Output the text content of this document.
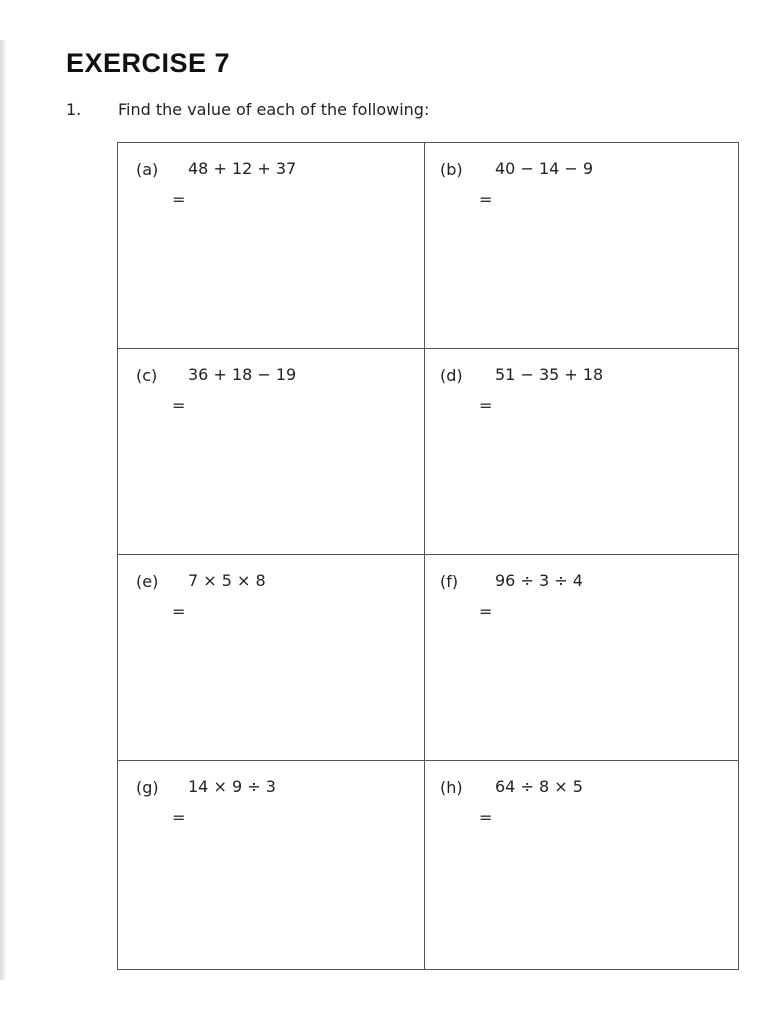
EXERCISE 7
1. Find the value of each of the following:
(a) 48 + 12 + 37
=
(b) 40 − 14 − 9
=
(c) 36 + 18 − 19
=
(d) 51 − 35 + 18
=
(e) 7 × 5 × 8
=
(f) 96 ÷ 3 ÷ 4
=
(g) 14 × 9 ÷ 3
=
(h) 64 ÷ 8 × 5
=
